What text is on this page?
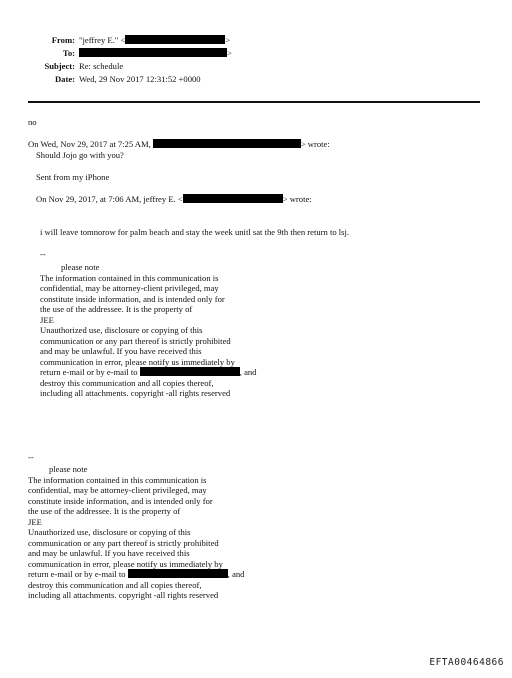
From: "jeffrey E." <	>
To:	>
Subject: Re: schedule
Date: Wed, 29 Nov 2017 12:31:52 +0000
no
On Wed, Nov 29, 2017 at 7:25 AM,	> wrote:
Should Jojo go with you?
Sent from my iPhone
On Nov 29, 2017, at 7:06 AM, jeffrey E. <	> wrote:
i will leave tomnorow for palm beach and stay the week unitl sat the 9th then return to lsj.
--
please note
The information contained in this communication is
confidential, may be attorney-client privileged, may
constitute inside information, and is intended only for
the use of the addressee. It is the property of
JEE
Unauthorized use, disclosure or copying of this
communication or any part thereof is strictly prohibited
and may be unlawful. If you have received this
communication in error, please notify us immediately by
return e-mail or by e-mail to	, and
destroy this communication and all copies thereof,
including all attachments. copyright -all rights reserved
--
please note
The information contained in this communication is
confidential, may be attorney-client privileged, may
constitute inside information, and is intended only for
the use of the addressee. It is the property of
JEE
Unauthorized use, disclosure or copying of this
communication or any part thereof is strictly prohibited
and may be unlawful. If you have received this
communication in error, please notify us immediately by
return e-mail or by e-mail to	, and
destroy this communication and all copies thereof,
including all attachments. copyright -all rights reserved
EFTA00464866
